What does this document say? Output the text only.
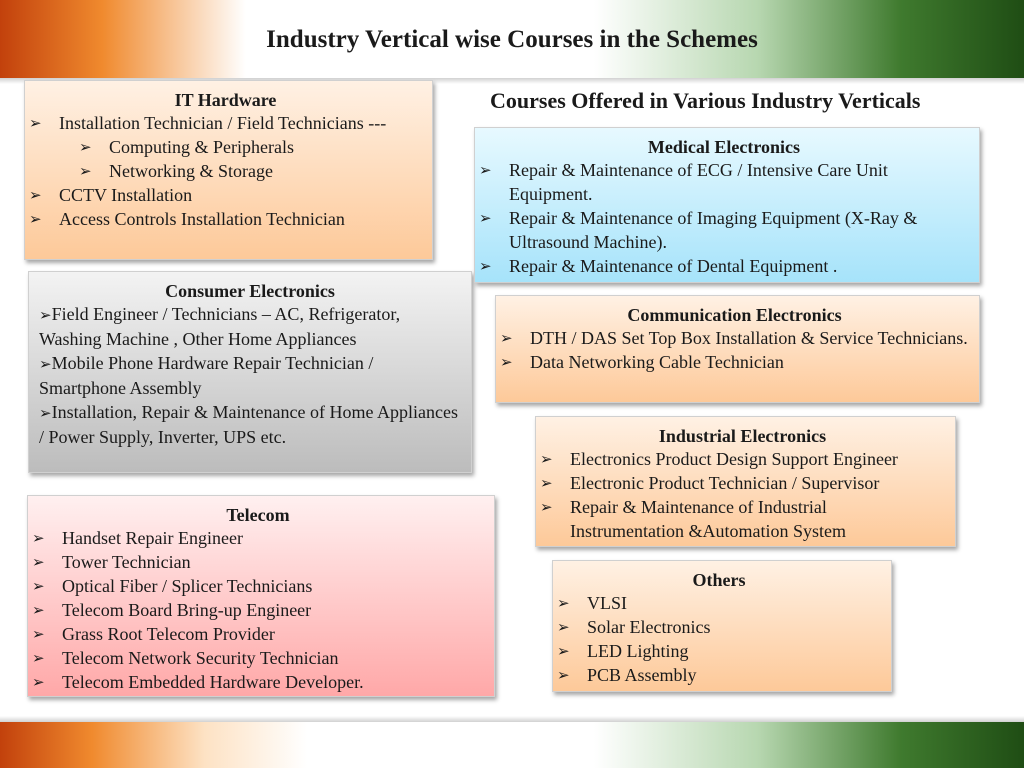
Industry Vertical wise Courses in the Schemes
Courses Offered in Various Industry Verticals
IT Hardware
➢ Installation Technician / Field Technicians ---
➢ Computing & Peripherals
➢ Networking & Storage
➢ CCTV Installation
➢ Access Controls Installation Technician
Consumer Electronics

➢Field Engineer / Technicians – AC, Refrigerator, Washing Machine , Other Home Appliances

➢Mobile Phone Hardware Repair Technician / Smartphone Assembly

➢Installation, Repair & Maintenance of Home Appliances / Power Supply, Inverter, UPS etc.

Telecom
➢ Handset Repair Engineer
➢ Tower Technician
➢ Optical Fiber / Splicer Technicians
➢ Telecom Board Bring-up Engineer
➢ Grass Root Telecom Provider
➢ Telecom Network Security Technician
➢ Telecom Embedded Hardware Developer.
Medical Electronics
➢ Repair & Maintenance of ECG / Intensive Care Unit Equipment.
➢ Repair & Maintenance of Imaging Equipment (X-Ray & Ultrasound Machine).
➢ Repair & Maintenance of Dental Equipment .
Communication Electronics
➢ DTH / DAS Set Top Box Installation & Service Technicians.
➢ Data Networking Cable Technician
Industrial Electronics
➢ Electronics Product Design Support Engineer
➢ Electronic Product Technician / Supervisor
➢ Repair & Maintenance of Industrial Instrumentation &Automation System
Others
➢ VLSI
➢ Solar Electronics
➢ LED Lighting
➢ PCB Assembly
